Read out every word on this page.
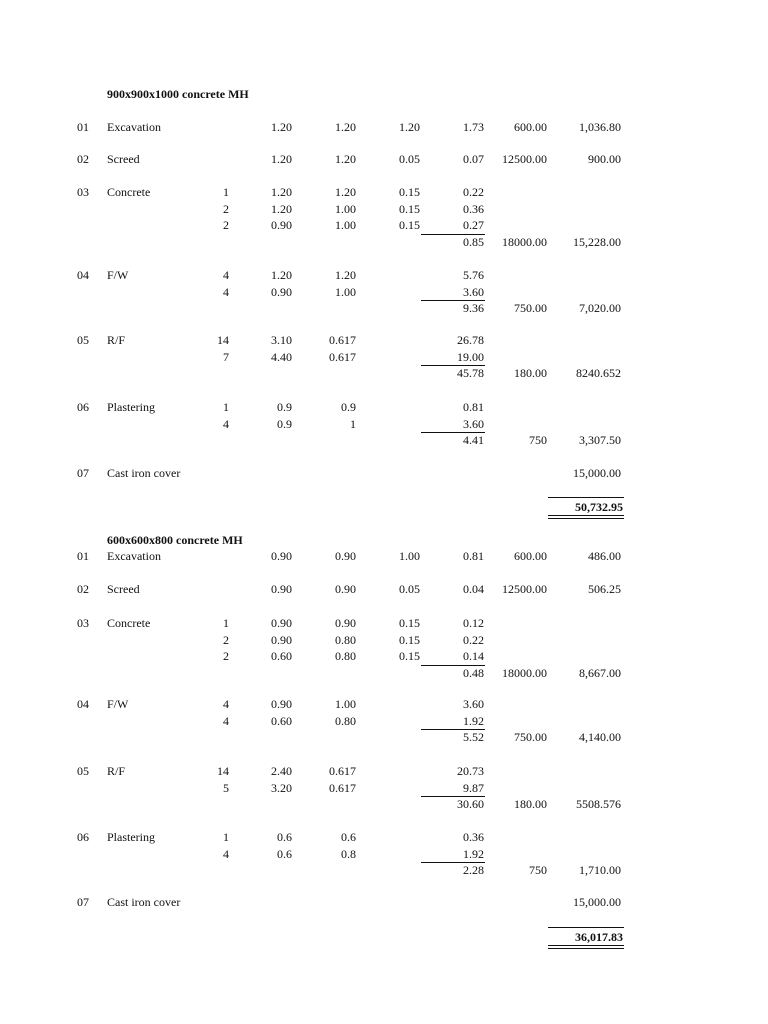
900x900x1000 concrete MH
01 Excavation	1.20	1.20	1.20	1.73	600.00	1,036.80
02 Screed	1.20	1.20	0.05	0.07 12500.00	900.00
03 Concrete	1	1.20	1.20	0.15	0.22
2	1.20	1.00	0.15	0.36
2	0.90	1.00	0.15	0.27
0.85 18000.00 15,228.00
04 F/W	4	1.20	1.20	5.76
4	0.90	1.00	3.60
9.36	750.00	7,020.00
05 R/F	14	3.10	0.617	26.78
7	4.40	0.617	19.00
45.78	180.00 8240.652
06 Plastering	1	0.9	0.9	0.81
4	0.9	1	3.60
4.41	750	3,307.50
07 Cast iron cover	15,000.00
50,732.95
600x600x800 concrete MH
01 Excavation	0.90	0.90	1.00	0.81	600.00	486.00
02 Screed	0.90	0.90	0.05	0.04 12500.00	506.25
03 Concrete	1	0.90	0.90	0.15	0.12
2	0.90	0.80	0.15	0.22
2	0.60	0.80	0.15	0.14
0.48 18000.00	8,667.00
04 F/W	4	0.90	1.00	3.60
4	0.60	0.80	1.92
5.52	750.00	4,140.00
05 R/F	14	2.40	0.617	20.73
5	3.20	0.617	9.87
30.60	180.00 5508.576
06 Plastering	1	0.6	0.6	0.36
4	0.6	0.8	1.92
2.28	750	1,710.00
07 Cast iron cover	15,000.00
36,017.83
